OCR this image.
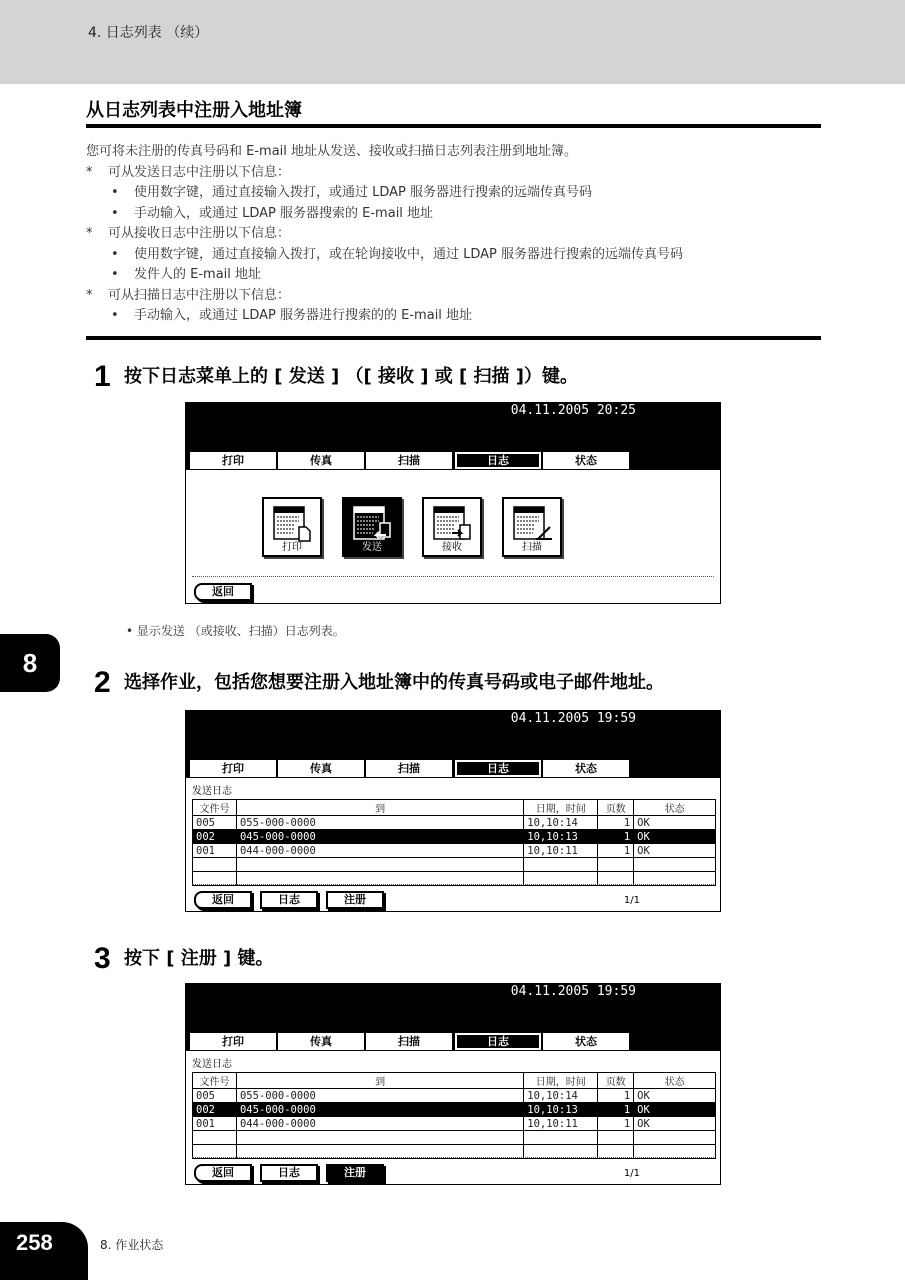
4. 日志列表 （续）
从日志列表中注册入地址簿
您可将未注册的传真号码和 E-mail 地址从发送、接收或扫描日志列表注册到地址簿。
* 可从发送日志中注册以下信息：
• 使用数字键，通过直接输入拨打，或通过 LDAP 服务器进行搜索的远端传真号码
• 手动输入，或通过 LDAP 服务器搜索的 E-mail 地址
* 可从接收日志中注册以下信息：
• 使用数字键，通过直接输入拨打，或在轮询接收中，通过 LDAP 服务器进行搜索的远端传真号码
• 发件人的 E-mail 地址
* 可从扫描日志中注册以下信息：
• 手动输入，或通过 LDAP 服务器进行搜索的的 E-mail 地址
1 按下日志菜单上的 [ 发送 ] （[ 接收 ] 或 [ 扫描 ]）键。
04.11.2005 20:25
打印	传真	扫描	日志	状态
打印	发送	接收	扫描
返回
• 显示发送 （或接收、扫描）日志列表。
2 选择作业，包括您想要注册入地址簿中的传真号码或电子邮件地址。
04.11.2005 19:59
打印	传真	扫描	日志	状态
发送日志
文件号	到	日期，时间	页数	状态
005	055-000-0000	10,10:14	1	OK
002	045-000-0000	10,10:13	1	OK
001	044-000-0000	10,10:11	1	OK

返回	日志	注册	1/1
3 按下 [ 注册 ] 键。
04.11.2005 19:59
打印	传真	扫描	日志	状态
发送日志
文件号	到	日期，时间	页数	状态
005	055-000-0000	10,10:14	1	OK
002	045-000-0000	10,10:13	1	OK
001	044-000-0000	10,10:11	1	OK

返回	日志	注册	1/1
8
258	8. 作业状态
